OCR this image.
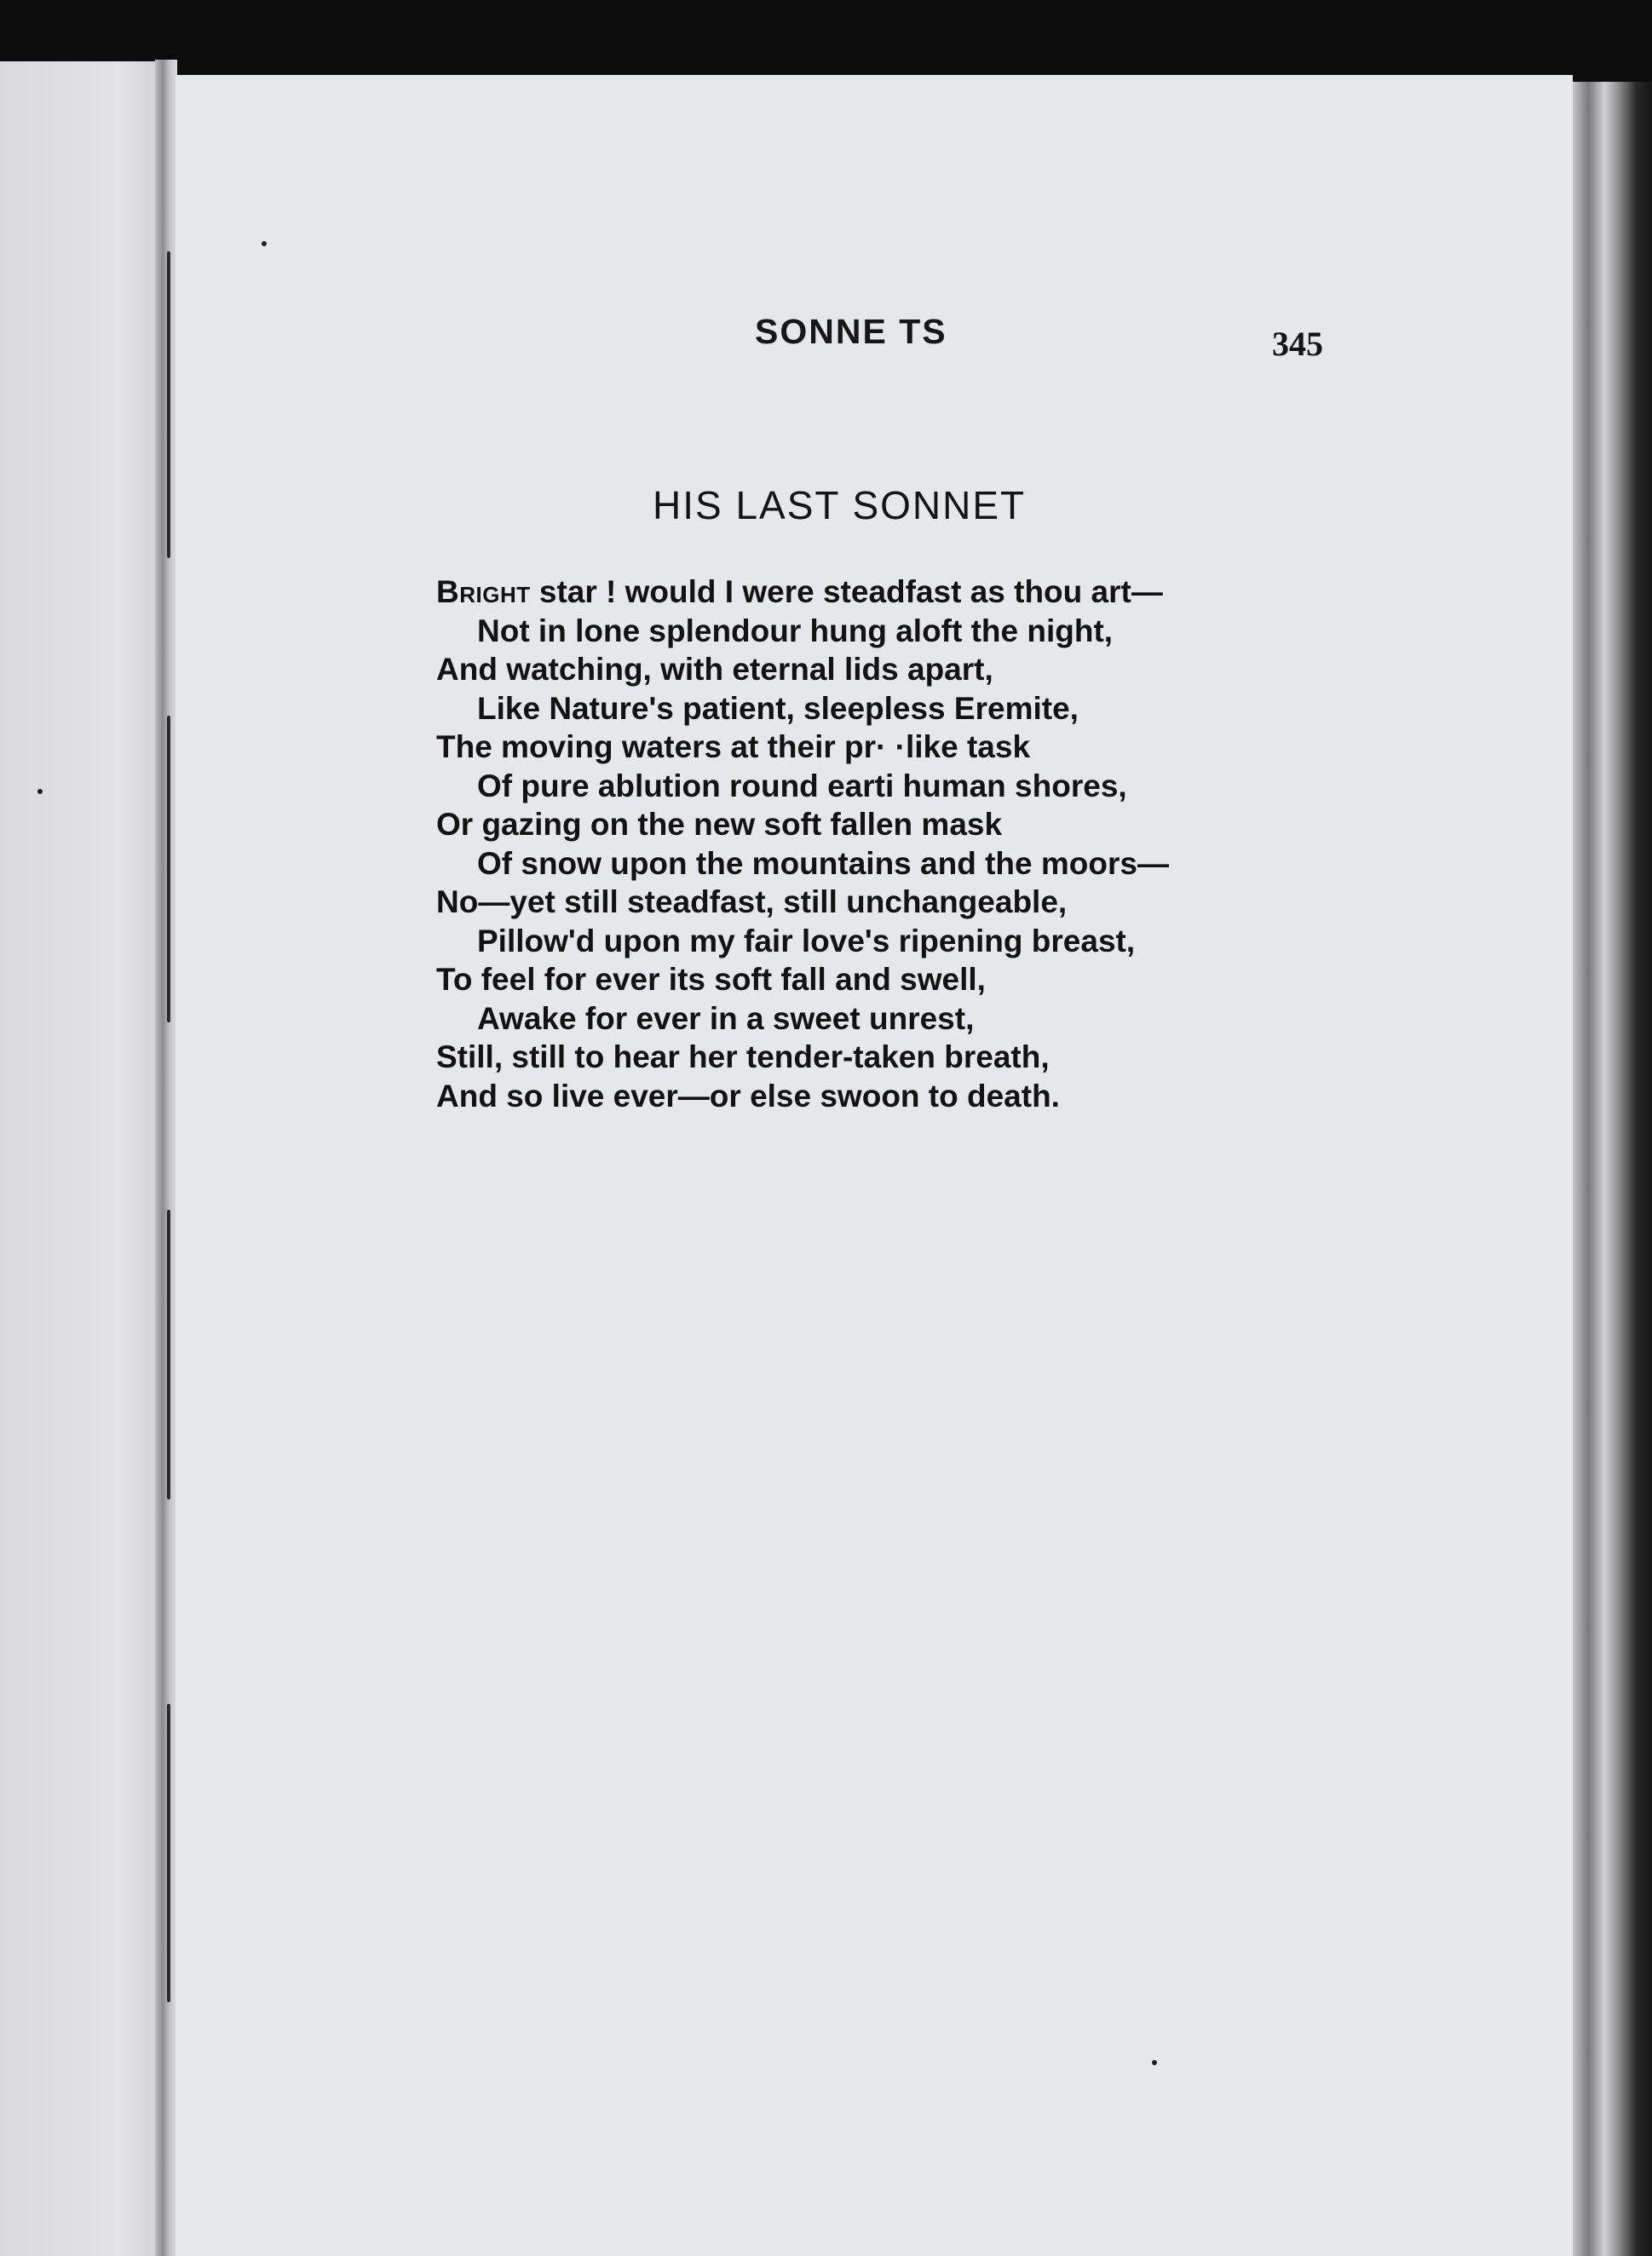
SONNE TS	345
HIS LAST SONNET
Bright star ! would I were steadfast as thou art—
Not in lone splendour hung aloft the night,
And watching, with eternal lids apart,
Like Nature's patient, sleepless Eremite,
The moving waters at their pr· ·like task
Of pure ablution round earti human shores,
Or gazing on the new soft fallen mask
Of snow upon the mountains and the moors—
No—yet still steadfast, still unchangeable,
Pillow'd upon my fair love's ripening breast,
To feel for ever its soft fall and swell,
Awake for ever in a sweet unrest,
Still, still to hear her tender-taken breath,
And so live ever—or else swoon to death.
